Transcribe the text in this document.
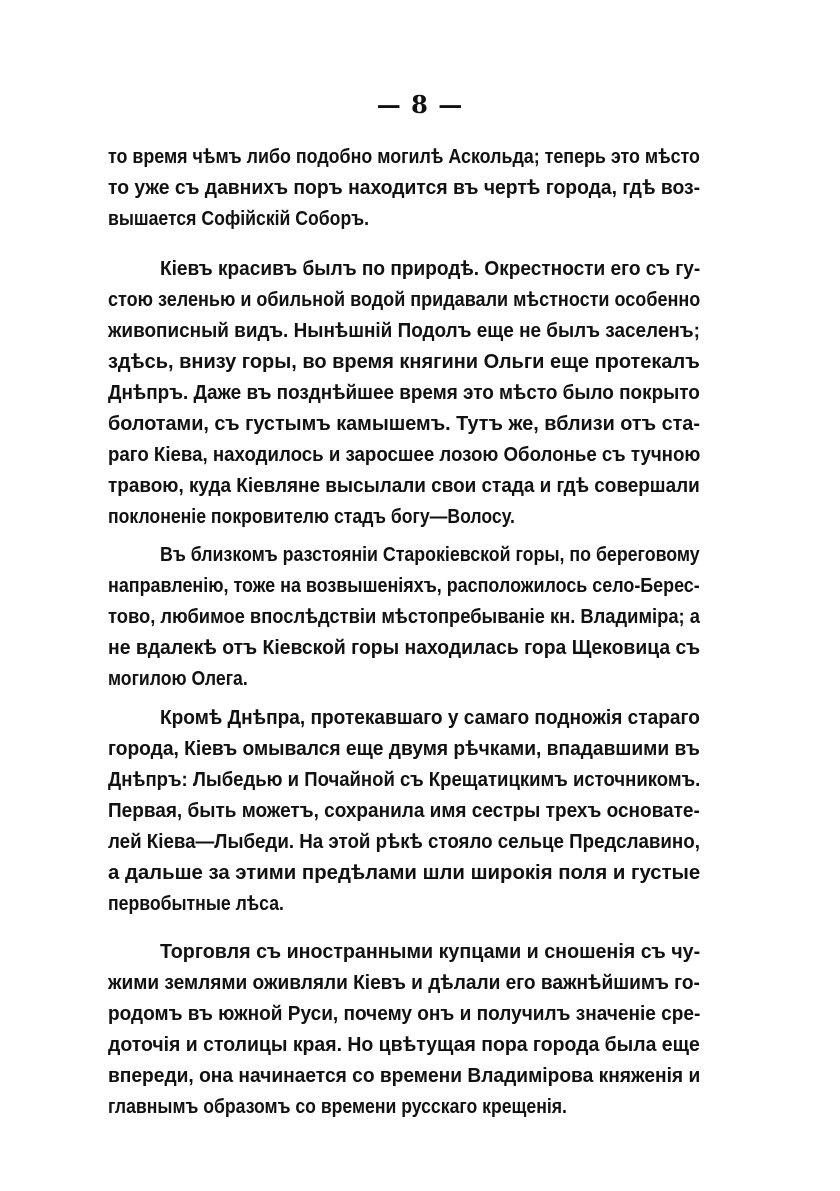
— 8 —
то время чѣмъ либо подобно могилѣ Аскольда; теперь это мѣсто
то уже съ давнихъ поръ находится въ чертѣ города, гдѣ воз-
вышается Софійскій Соборъ.
Кіевъ красивъ былъ по природѣ. Окрестности его съ гу-
стою зеленью и обильной водой придавали мѣстности особенно
живописный видъ. Нынѣшній Подолъ еще не былъ заселенъ;
здѣсь, внизу горы, во время княгини Ольги еще протекалъ
Днѣпръ. Даже въ позднѣйшее время это мѣсто было покрыто
болотами, съ густымъ камышемъ. Тутъ же, вблизи отъ ста-
раго Кіева, находилось и заросшее лозою Оболонье съ тучною
травою, куда Кіевляне высылали свои стада и гдѣ совершали
поклоненіе покровителю стадъ богу—Волосу.
Въ близкомъ разстояніи Старокіевской горы, по береговому
направленію, тоже на возвышеніяхъ, расположилось село-Берес-
тово, любимое впослѣдствіи мѣстопребываніе кн. Владиміра; а
не вдалекѣ отъ Кіевской горы находилась гора Щековица съ
могилою Олега.
Кромѣ Днѣпра, протекавшаго у самаго подножія стараго
города, Кіевъ омывался еще двумя рѣчками, впадавшими въ
Днѣпръ: Лыбедью и Почайной съ Крещатицкимъ источникомъ.
Первая, быть можетъ, сохранила имя сестры трехъ основате-
лей Кіева—Лыбеди. На этой рѣкѣ стояло сельце Предславино,
а дальше за этими предѣлами шли широкія поля и густые
первобытные лѣса.
Торговля съ иностранными купцами и сношенія съ чу-
жими землями оживляли Кіевъ и дѣлали его важнѣйшимъ го-
родомъ въ южной Руси, почему онъ и получилъ значеніе сре-
доточія и столицы края. Но цвѣтущая пора города была еще
впереди, она начинается со времени Владимірова княженія и
главнымъ образомъ со времени русскаго крещенія.
